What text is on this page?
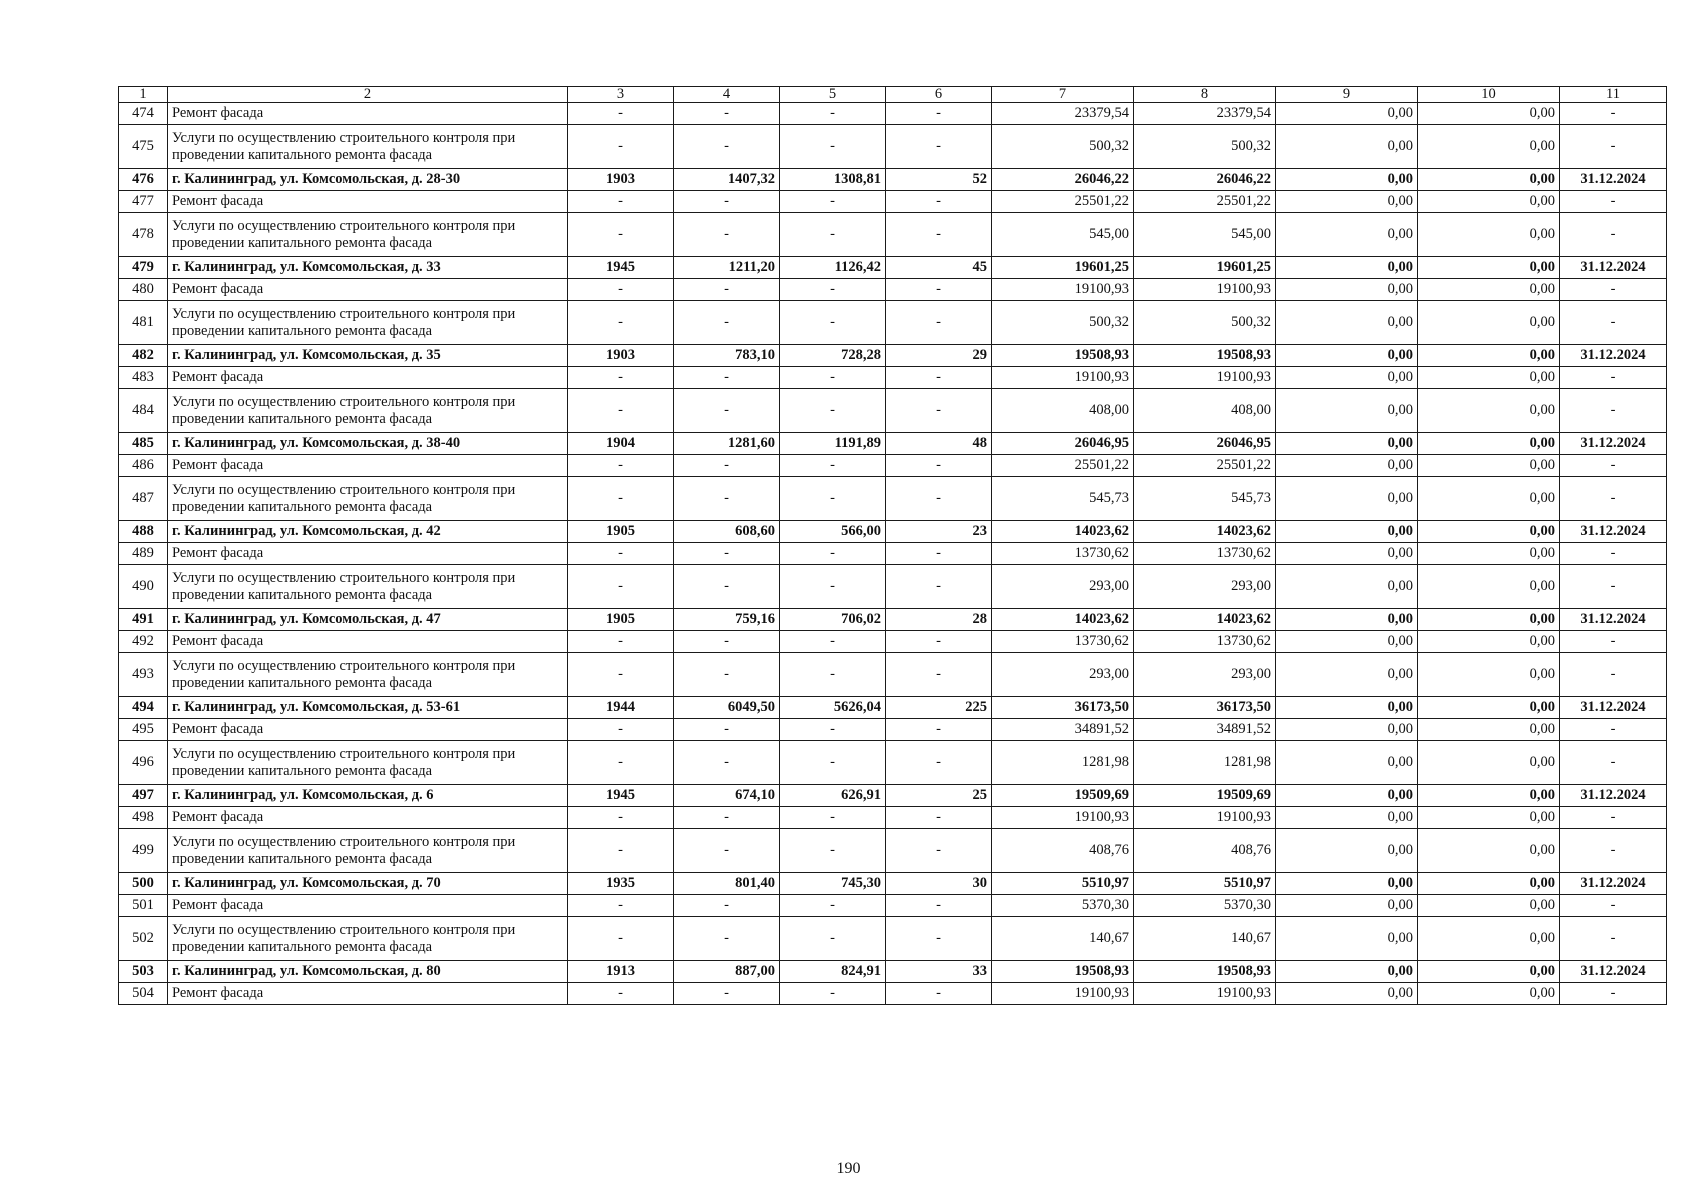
1	2	3	4	5	6	7	8	9	10	11
474	Ремонт фасада	-	-	-	-	23379,54	23379,54	0,00	0,00	-
475	Услуги по осуществлению строительного контроля при проведении капитального ремонта фасада	-	-	-	-	500,32	500,32	0,00	0,00	-
476	г. Калининград, ул. Комсомольская, д. 28-30	1903	1407,32	1308,81	52	26046,22	26046,22	0,00	0,00	31.12.2024
477	Ремонт фасада	-	-	-	-	25501,22	25501,22	0,00	0,00	-
478	Услуги по осуществлению строительного контроля при проведении капитального ремонта фасада	-	-	-	-	545,00	545,00	0,00	0,00	-
479	г. Калининград, ул. Комсомольская, д. 33	1945	1211,20	1126,42	45	19601,25	19601,25	0,00	0,00	31.12.2024
480	Ремонт фасада	-	-	-	-	19100,93	19100,93	0,00	0,00	-
481	Услуги по осуществлению строительного контроля при проведении капитального ремонта фасада	-	-	-	-	500,32	500,32	0,00	0,00	-
482	г. Калининград, ул. Комсомольская, д. 35	1903	783,10	728,28	29	19508,93	19508,93	0,00	0,00	31.12.2024
483	Ремонт фасада	-	-	-	-	19100,93	19100,93	0,00	0,00	-
484	Услуги по осуществлению строительного контроля при проведении капитального ремонта фасада	-	-	-	-	408,00	408,00	0,00	0,00	-
485	г. Калининград, ул. Комсомольская, д. 38-40	1904	1281,60	1191,89	48	26046,95	26046,95	0,00	0,00	31.12.2024
486	Ремонт фасада	-	-	-	-	25501,22	25501,22	0,00	0,00	-
487	Услуги по осуществлению строительного контроля при проведении капитального ремонта фасада	-	-	-	-	545,73	545,73	0,00	0,00	-
488	г. Калининград, ул. Комсомольская, д. 42	1905	608,60	566,00	23	14023,62	14023,62	0,00	0,00	31.12.2024
489	Ремонт фасада	-	-	-	-	13730,62	13730,62	0,00	0,00	-
490	Услуги по осуществлению строительного контроля при проведении капитального ремонта фасада	-	-	-	-	293,00	293,00	0,00	0,00	-
491	г. Калининград, ул. Комсомольская, д. 47	1905	759,16	706,02	28	14023,62	14023,62	0,00	0,00	31.12.2024
492	Ремонт фасада	-	-	-	-	13730,62	13730,62	0,00	0,00	-
493	Услуги по осуществлению строительного контроля при проведении капитального ремонта фасада	-	-	-	-	293,00	293,00	0,00	0,00	-
494	г. Калининград, ул. Комсомольская, д. 53-61	1944	6049,50	5626,04	225	36173,50	36173,50	0,00	0,00	31.12.2024
495	Ремонт фасада	-	-	-	-	34891,52	34891,52	0,00	0,00	-
496	Услуги по осуществлению строительного контроля при проведении капитального ремонта фасада	-	-	-	-	1281,98	1281,98	0,00	0,00	-
497	г. Калининград, ул. Комсомольская, д. 6	1945	674,10	626,91	25	19509,69	19509,69	0,00	0,00	31.12.2024
498	Ремонт фасада	-	-	-	-	19100,93	19100,93	0,00	0,00	-
499	Услуги по осуществлению строительного контроля при проведении капитального ремонта фасада	-	-	-	-	408,76	408,76	0,00	0,00	-
500	г. Калининград, ул. Комсомольская, д. 70	1935	801,40	745,30	30	5510,97	5510,97	0,00	0,00	31.12.2024
501	Ремонт фасада	-	-	-	-	5370,30	5370,30	0,00	0,00	-
502	Услуги по осуществлению строительного контроля при проведении капитального ремонта фасада	-	-	-	-	140,67	140,67	0,00	0,00	-
503	г. Калининград, ул. Комсомольская, д. 80	1913	887,00	824,91	33	19508,93	19508,93	0,00	0,00	31.12.2024
504	Ремонт фасада	-	-	-	-	19100,93	19100,93	0,00	0,00	-
190
